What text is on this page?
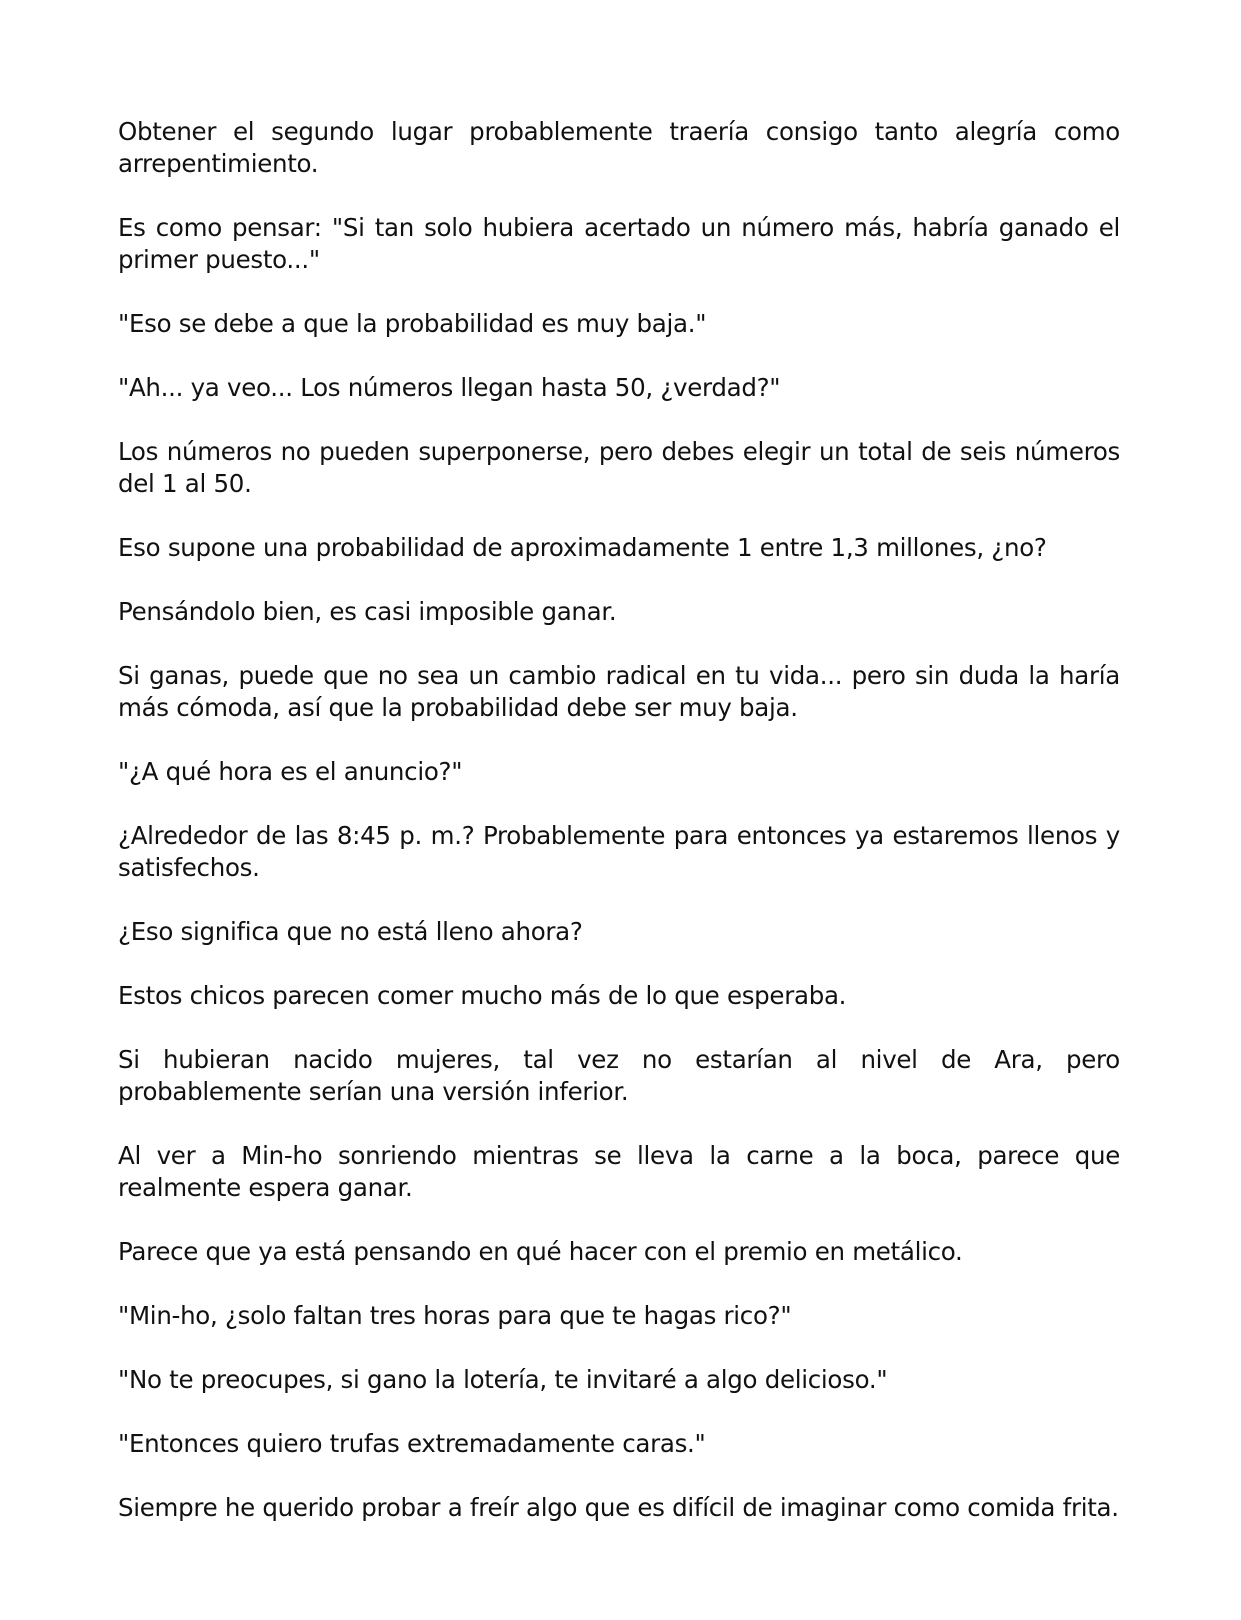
Obtener el segundo lugar probablemente traería consigo tanto alegría como arrepentimiento.

Es como pensar: "Si tan solo hubiera acertado un número más, habría ganado el primer puesto..."

"Eso se debe a que la probabilidad es muy baja."

"Ah... ya veo... Los números llegan hasta 50, ¿verdad?"

Los números no pueden superponerse, pero debes elegir un total de seis números del 1 al 50.

Eso supone una probabilidad de aproximadamente 1 entre 1,3 millones, ¿no?

Pensándolo bien, es casi imposible ganar.

Si ganas, puede que no sea un cambio radical en tu vida... pero sin duda la haría más cómoda, así que la probabilidad debe ser muy baja.

"¿A qué hora es el anuncio?"

¿Alrededor de las 8:45 p. m.? Probablemente para entonces ya estaremos llenos y satisfechos.

¿Eso significa que no está lleno ahora?

Estos chicos parecen comer mucho más de lo que esperaba.

Si hubieran nacido mujeres, tal vez no estarían al nivel de Ara, pero probablemente serían una versión inferior.

Al ver a Min-ho sonriendo mientras se lleva la carne a la boca, parece que realmente espera ganar.

Parece que ya está pensando en qué hacer con el premio en metálico.

"Min-ho, ¿solo faltan tres horas para que te hagas rico?"

"No te preocupes, si gano la lotería, te invitaré a algo delicioso."

"Entonces quiero trufas extremadamente caras."

Siempre he querido probar a freír algo que es difícil de imaginar como comida frita.
